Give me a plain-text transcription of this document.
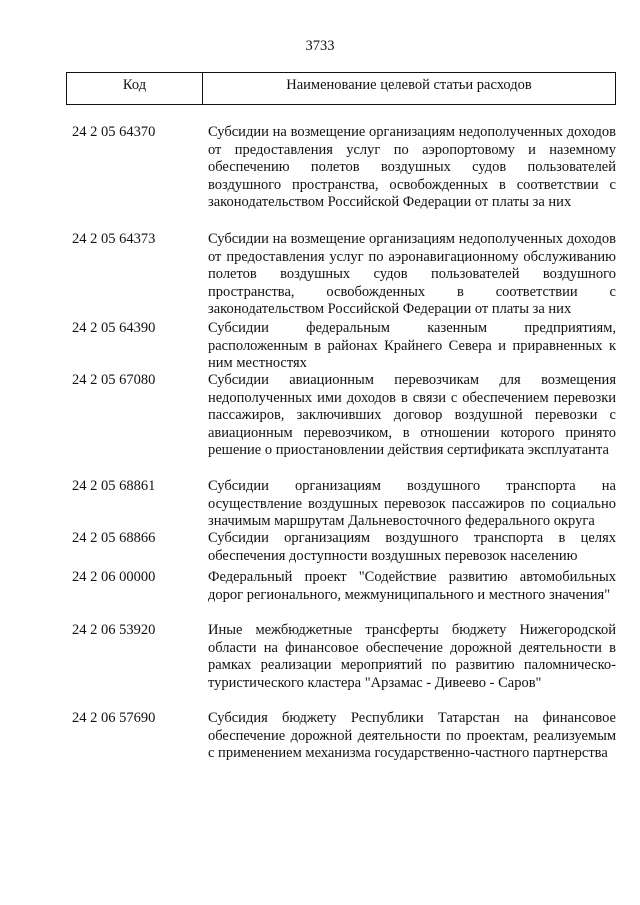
3733
Код	Наименование целевой статьи расходов
24 2 05 64370	Субсидии на возмещение организациям недополученных доходов от предоставления услуг по аэропортовому и наземному обеспечению полетов воздушных судов пользователей воздушного пространства, освобожденных в соответствии с законодательством Российской Федерации от платы за них
24 2 05 64373	Субсидии на возмещение организациям недополученных доходов от предоставления услуг по аэронавигационному обслуживанию полетов воздушных судов пользователей воздушного пространства, освобожденных в соответствии с законодательством Российской Федерации от платы за них
24 2 05 64390	Субсидии федеральным казенным предприятиям, расположенным в районах Крайнего Севера и приравненных к ним местностях
24 2 05 67080	Субсидии авиационным перевозчикам для возмещения недополученных ими доходов в связи с обеспечением перевозки пассажиров, заключивших договор воздушной перевозки с авиационным перевозчиком, в отношении которого принято решение о приостановлении действия сертификата эксплуатанта
24 2 05 68861	Субсидии организациям воздушного транспорта на осуществление воздушных перевозок пассажиров по социально значимым маршрутам Дальневосточного федерального округа
24 2 05 68866	Субсидии организациям воздушного транспорта в целях обеспечения доступности воздушных перевозок населению
24 2 06 00000	Федеральный проект "Содействие развитию автомобильных дорог регионального, межмуниципального и местного значения"
24 2 06 53920	Иные межбюджетные трансферты бюджету Нижегородской области на финансовое обеспечение дорожной деятельности в рамках реализации мероприятий по развитию паломническо-туристического кластера "Арзамас - Дивеево - Саров"
24 2 06 57690	Субсидия бюджету Республики Татарстан на финансовое обеспечение дорожной деятельности по проектам, реализуемым с применением механизма государственно-частного партнерства
